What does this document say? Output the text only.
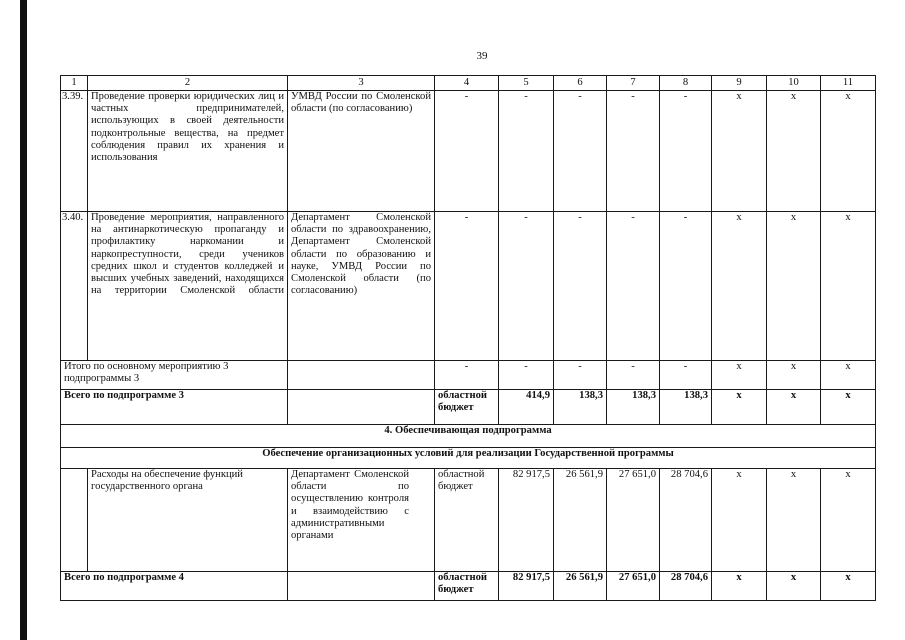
39
1	2	3	4	5	6	7	8	9	10	11
3.39.	Проведение проверки юридических лиц и частных предпринимателей, использующих в своей деятельности подконтрольные вещества, на предмет соблюдения правил их хранения и использования	УМВД России по Смоленской области (по согласованию)	-	-	-	-	-	х	х	х
3.40.	Проведение мероприятия, направленного на антинаркотическую пропаганду и профилактику наркомании и наркопреступности, среди учеников средних школ и студентов колледжей и высших учебных заведений, находящихся на территории Смоленской области	Департамент Смоленской области по здравоохранению, Департамент Смоленской области по образованию и науке, УМВД России по Смоленской области (по согласованию)	-	-	-	-	-	х	х	х
Итого по основному мероприятию 3 подпрограммы 3			-	-	-	-	-	х	х	х
Всего по подпрограмме 3			областной бюджет	414,9	138,3	138,3	138,3	х	х	х
4. Обеспечивающая подпрограмма										
Обеспечение организационных условий для реализации Государственной программы										
	Расходы на обеспечение функций государственного органа	Департамент Смоленской области по осуществлению контроля и взаимодействию с административными органами	областной бюджет	82 917,5	26 561,9	27 651,0	28 704,6	х	х	х
Всего по подпрограмме 4			областной бюджет	82 917,5	26 561,9	27 651,0	28 704,6	х	х	х
